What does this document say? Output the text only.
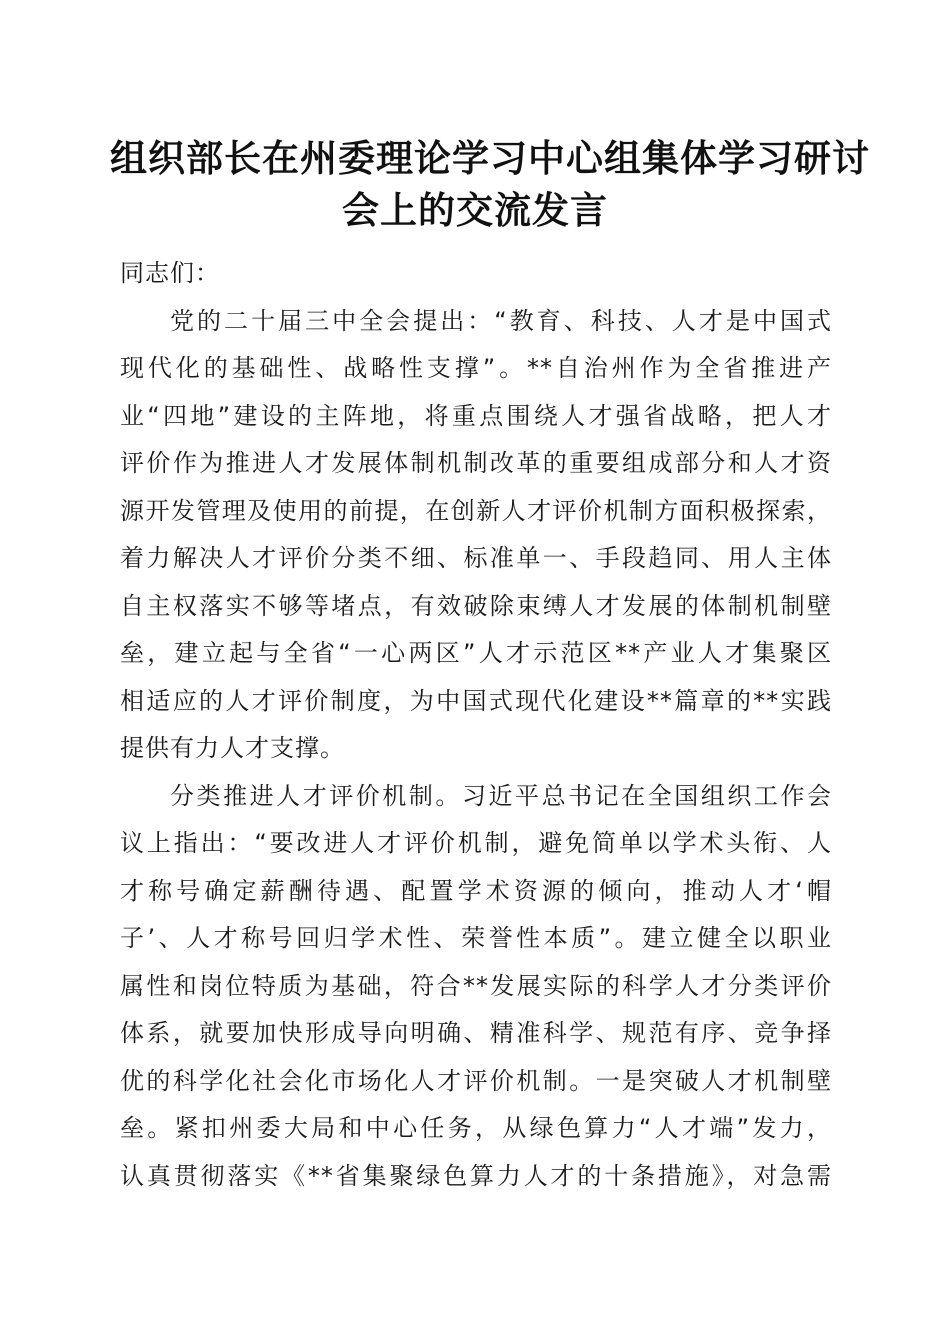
组织部长在州委理论学习中心组集体学习研讨
会上的交流发言
同志们：
党的二十届三中全会提出：“教育、科技、人才是中国式
现代化的基础性、战略性支撑”。**自治州作为全省推进产
业“四地”建设的主阵地，将重点围绕人才强省战略，把人才
评价作为推进人才发展体制机制改革的重要组成部分和人才资
源开发管理及使用的前提，在创新人才评价机制方面积极探索，
着力解决人才评价分类不细、标准单一、手段趋同、用人主体
自主权落实不够等堵点，有效破除束缚人才发展的体制机制壁
垒，建立起与全省“一心两区”人才示范区**产业人才集聚区
相适应的人才评价制度，为中国式现代化建设**篇章的**实践
提供有力人才支撑。
分类推进人才评价机制。习近平总书记在全国组织工作会
议上指出：“要改进人才评价机制，避免简单以学术头衔、人
才称号确定薪酬待遇、配置学术资源的倾向，推动人才‘帽
子’、人才称号回归学术性、荣誉性本质”。建立健全以职业
属性和岗位特质为基础，符合**发展实际的科学人才分类评价
体系，就要加快形成导向明确、精准科学、规范有序、竞争择
优的科学化社会化市场化人才评价机制。一是突破人才机制壁
垒。紧扣州委大局和中心任务，从绿色算力“人才端”发力，
认真贯彻落实《**省集聚绿色算力人才的十条措施》，对急需
